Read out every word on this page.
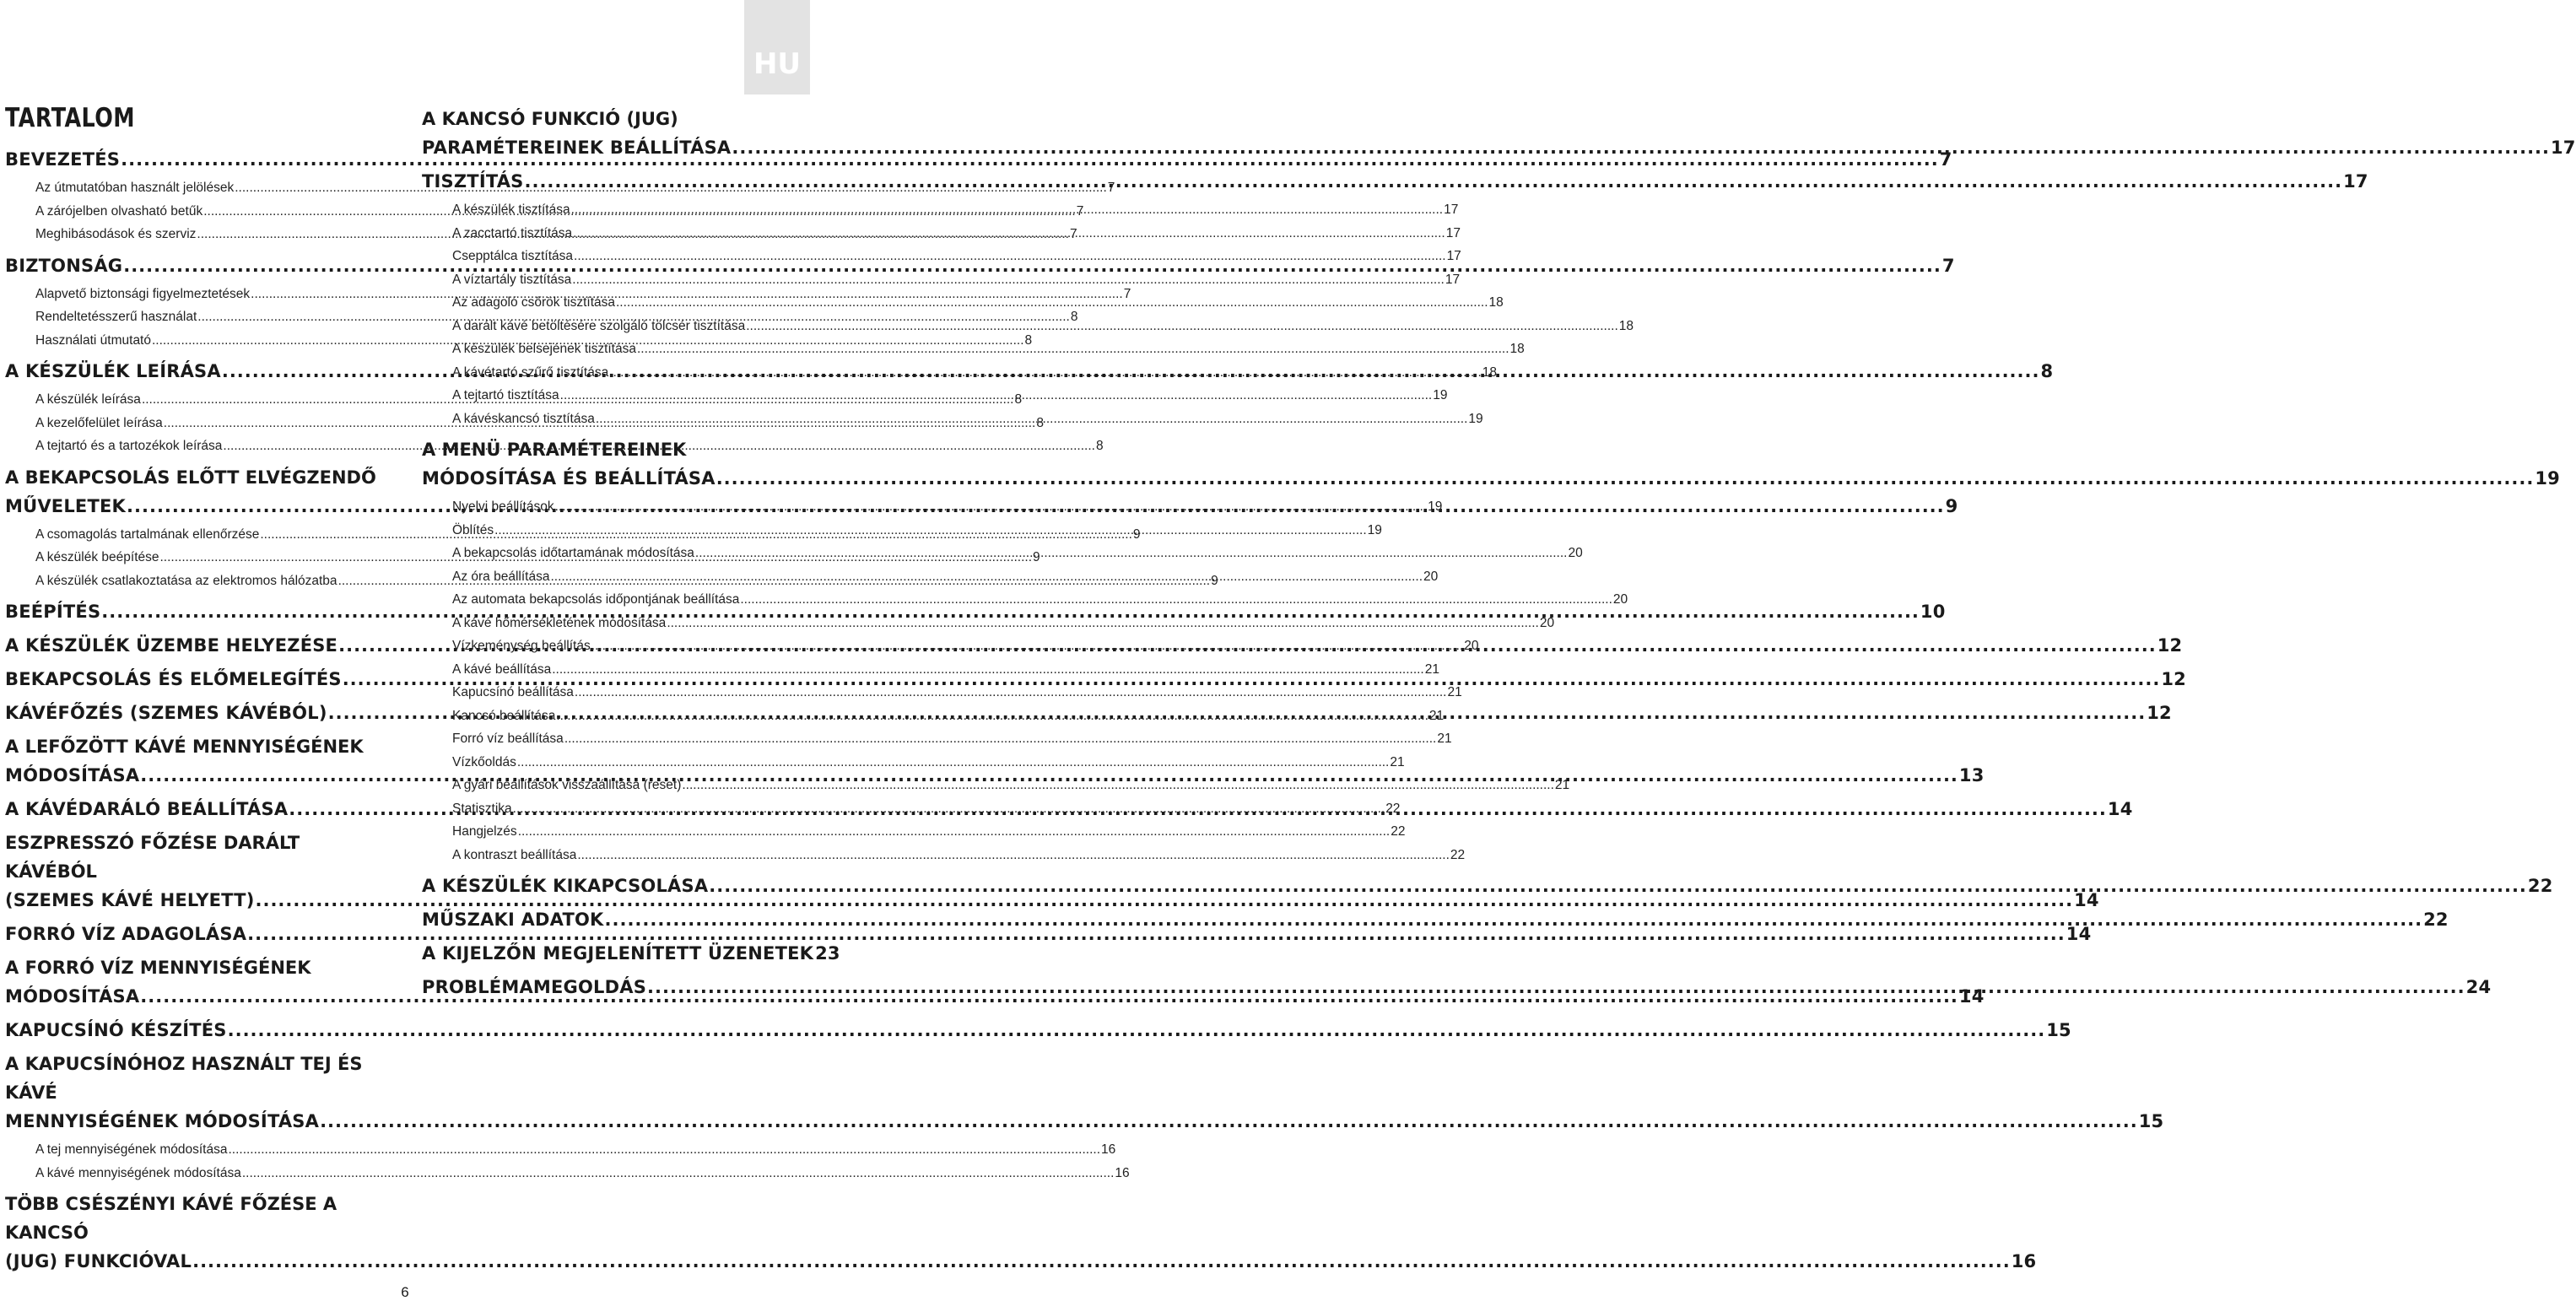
HU
TARTALOM
BEVEZETÉS .....	7
Az útmutatóban használt jelölések .....	7
A zárójelben olvasható betűk .....	7
Meghibásodások és szerviz .....	7
BIZTONSÁG .....	7
Alapvető biztonsági figyelmeztetések .....	7
Rendeltetésszerű használat .....	8
Használati útmutató .....	8
A KÉSZÜLÉK LEÍRÁSA .....	8
A készülék leírása .....	8
A kezelőfelület leírása .....	8
A tejtartó és a tartozékok leírása .....	8
A BEKAPCSOLÁS ELŐTT ELVÉGZENDŐ
MŰVELETEK .....	9
A csomagolás tartalmának ellenőrzése .....	9
A készülék beépítése .....	9
A készülék csatlakoztatása az elektromos hálózatba .....	9
BEÉPÍTÉS .....	10
A KÉSZÜLÉK ÜZEMBE HELYEZÉSE .....	12
BEKAPCSOLÁS ÉS ELŐMELEGÍTÉS .....	12
KÁVÉFŐZÉS (SZEMES KÁVÉBÓL) .....	12
A LEFŐZÖTT KÁVÉ MENNYISÉGÉNEK
MÓDOSÍTÁSA .....	13
A KÁVÉDARÁLÓ BEÁLLÍTÁSA .....	14
ESZPRESSZÓ FŐZÉSE DARÁLT KÁVÉBÓL
(SZEMES KÁVÉ HELYETT) .....	14
FORRÓ VÍZ ADAGOLÁSA .....	14
A FORRÓ VÍZ MENNYISÉGÉNEK
MÓDOSÍTÁSA .....	14
KAPUCSÍNÓ KÉSZÍTÉS .....	15
A KAPUCSÍNÓHOZ HASZNÁLT TEJ ÉS KÁVÉ
MENNYISÉGÉNEK MÓDOSÍTÁSA .....	15
A tej mennyiségének módosítása .....	16
A kávé mennyiségének módosítása .....	16
TÖBB CSÉSZÉNYI KÁVÉ FŐZÉSE A KANCSÓ
(JUG) FUNKCIÓVAL .....	16
A KANCSÓ FUNKCIÓ (JUG)
PARAMÉTEREINEK BEÁLLÍTÁSA .....	17
TISZTÍTÁS .....	17
A készülék tisztítása .....	17
A zacctartó tisztítása .....	17
Csepptálca tisztítása .....	17
A víztartály tisztítása .....	17
Az adagoló csőrök tisztítása .....	18
A darált kávé betöltésére szolgáló tölcsér tisztítása .....	18
A készülék belsejének tisztítása .....	18
A kávétartó szűrő tisztítása .....	18
A tejtartó tisztítása .....	19
A kávéskancsó tisztítása .....	19
A MENÜ PARAMÉTEREINEK
MÓDOSÍTÁSA ÉS BEÁLLÍTÁSA .....	19
Nyelvi beállítások .....	19
Öblítés .....	19
A bekapcsolás időtartamának módosítása .....	20
Az óra beállítása .....	20
Az automata bekapcsolás időpontjának beállítása .....	20
A kávé hőmérsékletének módosítása .....	20
Vízkeménység beállítás .....	20
A kávé beállítása .....	21
Kapucsínó beállítása .....	21
Kancsó beállítása .....	21
Forró víz beállítása .....	21
Vízkőoldás .....	21
A gyári beállítások visszaállítása (reset) .....	21
Statisztika .....	22
Hangjelzés .....	22
A kontraszt beállítása .....	22
A KÉSZÜLÉK KIKAPCSOLÁSA .....	22
MŰSZAKI ADATOK .....	22
A KIJELZŐN MEGJELENÍTETT ÜZENETEK 23
PROBLÉMAMEGOLDÁS .....	24
6
